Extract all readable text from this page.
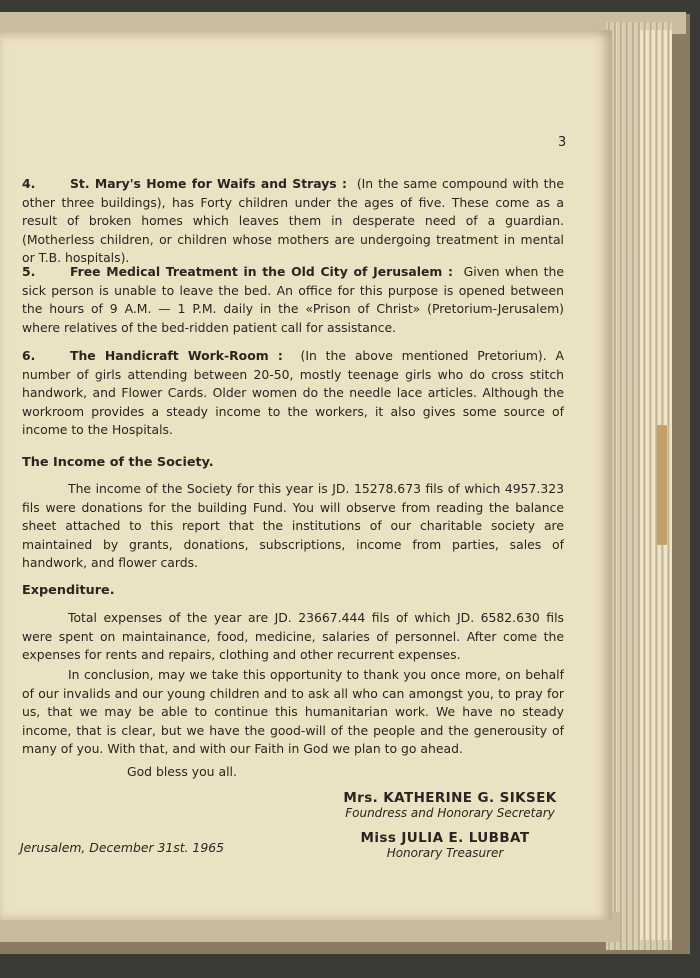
3

4.	St. Mary's Home for Waifs and Strays : (In the same compound with the other three buildings), has Forty children under the ages of five. These come as a result of broken homes which leaves them in desperate need of a guardian. (Motherless children, or children whose mothers are undergoing treatment in mental or T.B. hospitals).

5.	Free Medical Treatment in the Old City of Jerusalem : Given when the sick person is unable to leave the bed. An office for this purpose is opened between the hours of 9 A.M. — 1 P.M. daily in the «Prison of Christ» (Pretorium-Jerusalem) where relatives of the bed-ridden patient call for assistance.

6.	The Handicraft Work-Room : (In the above mentioned Pretorium). A number of girls attending between 20-50, mostly teenage girls who do cross stitch handwork, and Flower Cards. Older women do the needle lace articles. Although the workroom provides a steady income to the workers, it also gives some source of income to the Hospitals.

The Income of the Society.

The income of the Society for this year is JD. 15278.673 fils of which 4957.323 fils were donations for the building Fund. You will observe from reading the balance sheet attached to this report that the institutions of our charitable society are maintained by grants, donations, subscriptions, income from parties, sales of handwork, and flower cards.

Expenditure.

Total expenses of the year are JD. 23667.444 fils of which JD. 6582.630 fils were spent on maintainance, food, medicine, salaries of personnel. After come the expenses for rents and repairs, clothing and other recurrent expenses.

In conclusion, may we take this opportunity to thank you once more, on behalf of our invalids and our young children and to ask all who can amongst you, to pray for us, that we may be able to continue this humanitarian work. We have no steady income, that is clear, but we have the good-will of the people and the generousity of many of you. With that, and with our Faith in God we plan to go ahead.

God bless you all.
Mrs. KATHERINE G. SIKSEK
Foundress and Honorary Secretary
Miss JULIA E. LUBBAT
Honorary Treasurer
Jerusalem, December 31st. 1965
